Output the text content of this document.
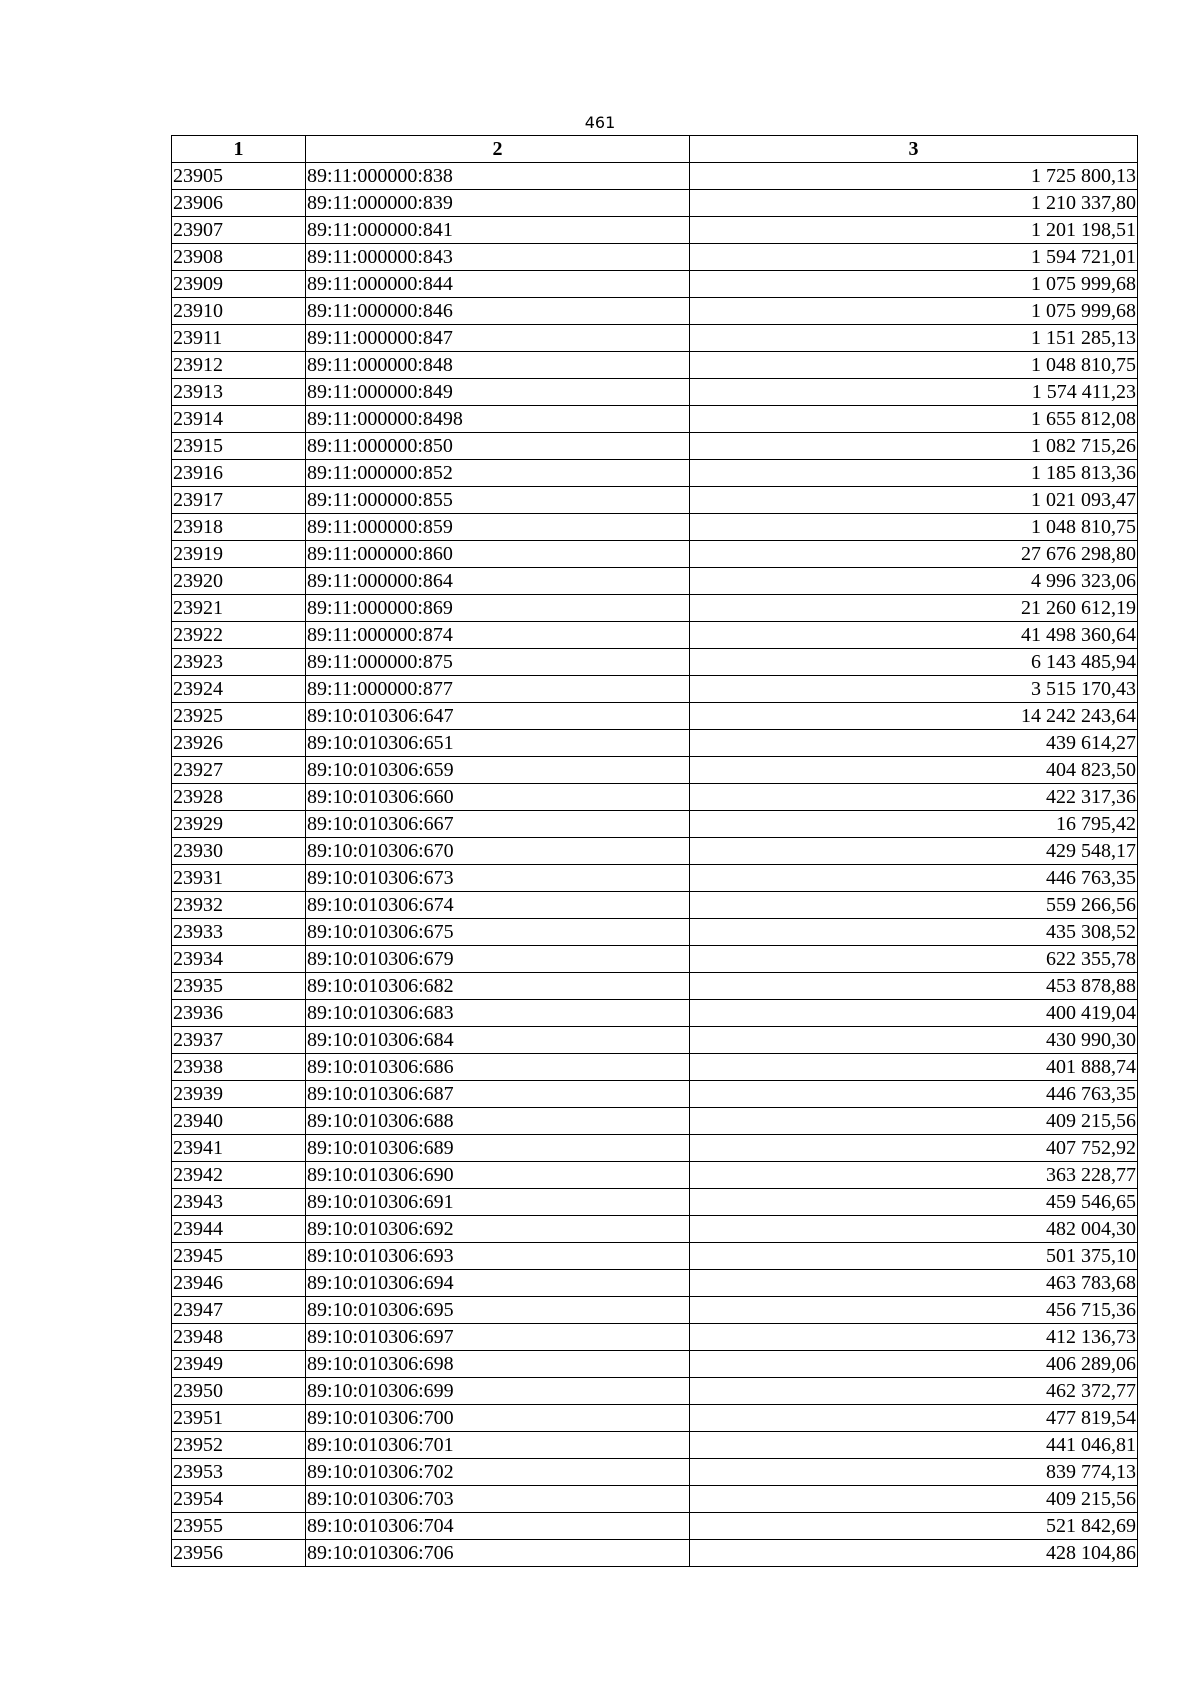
461
1	2	3
23905	89:11:000000:838	1 725 800,13
23906	89:11:000000:839	1 210 337,80
23907	89:11:000000:841	1 201 198,51
23908	89:11:000000:843	1 594 721,01
23909	89:11:000000:844	1 075 999,68
23910	89:11:000000:846	1 075 999,68
23911	89:11:000000:847	1 151 285,13
23912	89:11:000000:848	1 048 810,75
23913	89:11:000000:849	1 574 411,23
23914	89:11:000000:8498	1 655 812,08
23915	89:11:000000:850	1 082 715,26
23916	89:11:000000:852	1 185 813,36
23917	89:11:000000:855	1 021 093,47
23918	89:11:000000:859	1 048 810,75
23919	89:11:000000:860	27 676 298,80
23920	89:11:000000:864	4 996 323,06
23921	89:11:000000:869	21 260 612,19
23922	89:11:000000:874	41 498 360,64
23923	89:11:000000:875	6 143 485,94
23924	89:11:000000:877	3 515 170,43
23925	89:10:010306:647	14 242 243,64
23926	89:10:010306:651	439 614,27
23927	89:10:010306:659	404 823,50
23928	89:10:010306:660	422 317,36
23929	89:10:010306:667	16 795,42
23930	89:10:010306:670	429 548,17
23931	89:10:010306:673	446 763,35
23932	89:10:010306:674	559 266,56
23933	89:10:010306:675	435 308,52
23934	89:10:010306:679	622 355,78
23935	89:10:010306:682	453 878,88
23936	89:10:010306:683	400 419,04
23937	89:10:010306:684	430 990,30
23938	89:10:010306:686	401 888,74
23939	89:10:010306:687	446 763,35
23940	89:10:010306:688	409 215,56
23941	89:10:010306:689	407 752,92
23942	89:10:010306:690	363 228,77
23943	89:10:010306:691	459 546,65
23944	89:10:010306:692	482 004,30
23945	89:10:010306:693	501 375,10
23946	89:10:010306:694	463 783,68
23947	89:10:010306:695	456 715,36
23948	89:10:010306:697	412 136,73
23949	89:10:010306:698	406 289,06
23950	89:10:010306:699	462 372,77
23951	89:10:010306:700	477 819,54
23952	89:10:010306:701	441 046,81
23953	89:10:010306:702	839 774,13
23954	89:10:010306:703	409 215,56
23955	89:10:010306:704	521 842,69
23956	89:10:010306:706	428 104,86
